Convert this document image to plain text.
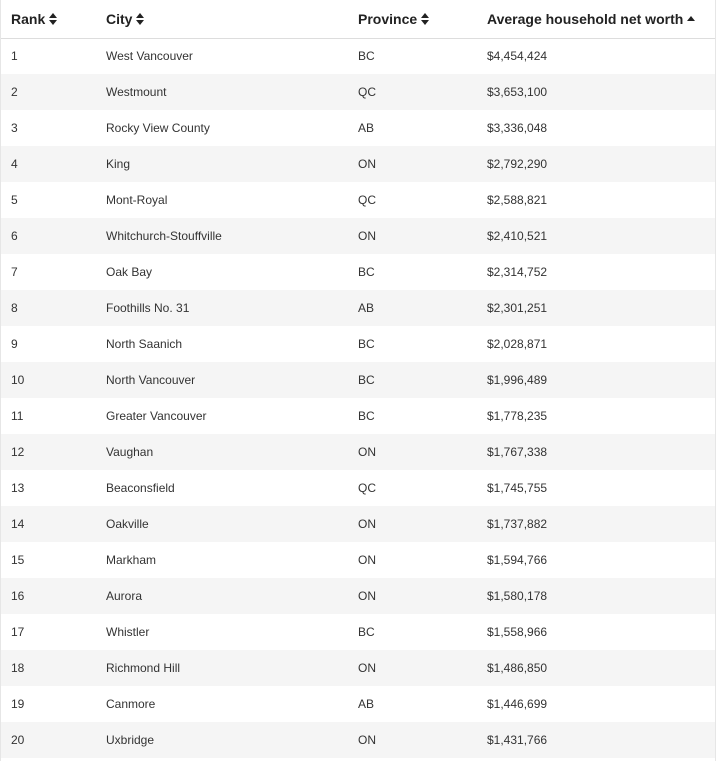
Rank	City	Province	Average household net worth

1	West Vancouver	BC	$4,454,424
2	Westmount	QC	$3,653,100
3	Rocky View County	AB	$3,336,048
4	King	ON	$2,792,290
5	Mont-Royal	QC	$2,588,821
6	Whitchurch-Stouffville	ON	$2,410,521
7	Oak Bay	BC	$2,314,752
8	Foothills No. 31	AB	$2,301,251
9	North Saanich	BC	$2,028,871
10	North Vancouver	BC	$1,996,489
11	Greater Vancouver	BC	$1,778,235
12	Vaughan	ON	$1,767,338
13	Beaconsfield	QC	$1,745,755
14	Oakville	ON	$1,737,882
15	Markham	ON	$1,594,766
16	Aurora	ON	$1,580,178
17	Whistler	BC	$1,558,966
18	Richmond Hill	ON	$1,486,850
19	Canmore	AB	$1,446,699
20	Uxbridge	ON	$1,431,766
